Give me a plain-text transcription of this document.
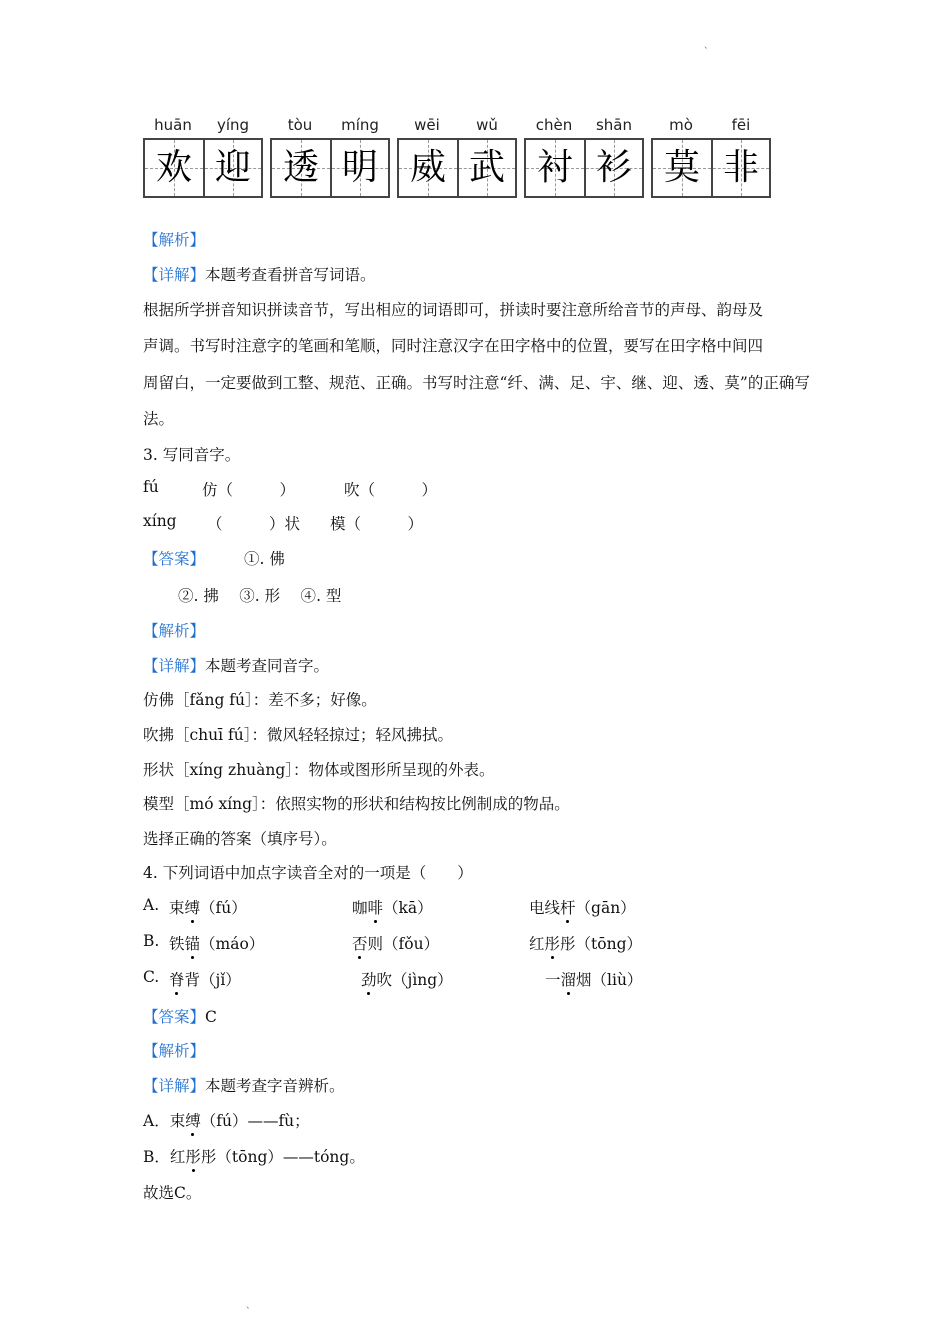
、
huān	yíng	tòu	míng	wēi	wǔ	chèn	shān	mò	fēi
欢 迎 透 明 威 武 衬 衫 莫 非
【解析】
【详解】本题考查看拼音写词语。
根据所学拼音知识拼读音节，写出相应的词语即可，拼读时要注意所给音节的声母、韵母及
声调。书写时注意字的笔画和笔顺，同时注意汉字在田字格中的位置，要写在田字格中间四
周留白，一定要做到工整、规范、正确。书写时注意“纤、满、足、宇、继、迎、透、莫”的正确写
法。
3. 写同音字。
fú	仿（　　　）	吹（　　　）
xíng （　　　）状 模（　　　）
【答案】	①. 佛
②. 拂　 ③. 形　 ④. 型
【解析】
【详解】本题考查同音字。
仿佛［fǎng fú］：差不多；好像。
吹拂［chuī fú］：微风轻轻掠过；轻风拂拭。
形状［xíng zhuàng］：物体或图形所呈现的外表。
模型［mó xíng］：依照实物的形状和结构按比例制成的物品。
选择正确的答案（填序号）。
4. 下列词语中加点字读音全对的一项是（　　）
A. 束缚（fú）	咖啡（kā）	电线杆（gān）
B. 铁锚（máo）	否则（fǒu）	红彤彤（tōng）
C. 脊背（jǐ）	劲吹（jìng）	一溜烟（liù）
【答案】C
【解析】
【详解】本题考查字音辨析。
A．束缚（fú）——fù；
B．红彤彤（tōng）——tóng。
故选C。
、
